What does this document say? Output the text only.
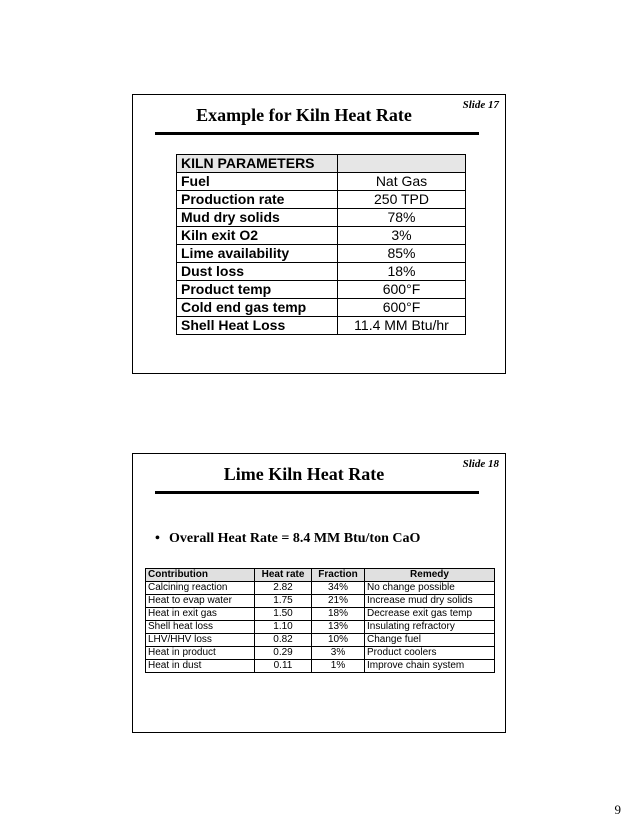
Slide 17
Example for Kiln Heat Rate
KILN PARAMETERS	
Fuel	Nat Gas
Production rate	250 TPD
Mud dry solids	78%
Kiln exit O2	3%
Lime availability	85%
Dust loss	18%
Product temp	600°F
Cold end gas temp	600°F
Shell Heat Loss	11.4 MM Btu/hr
Slide 18
Lime Kiln Heat Rate
• Overall Heat Rate = 8.4 MM Btu/ton CaO
Contribution	Heat rate	Fraction	Remedy
Calcining reaction	2.82	34%	No change possible
Heat to evap water	1.75	21%	Increase mud dry solids
Heat in exit gas	1.50	18%	Decrease exit gas temp
Shell heat loss	1.10	13%	Insulating refractory
LHV/HHV loss	0.82	10%	Change fuel
Heat in product	0.29	3%	Product coolers
Heat in dust	0.11	1%	Improve chain system
9
